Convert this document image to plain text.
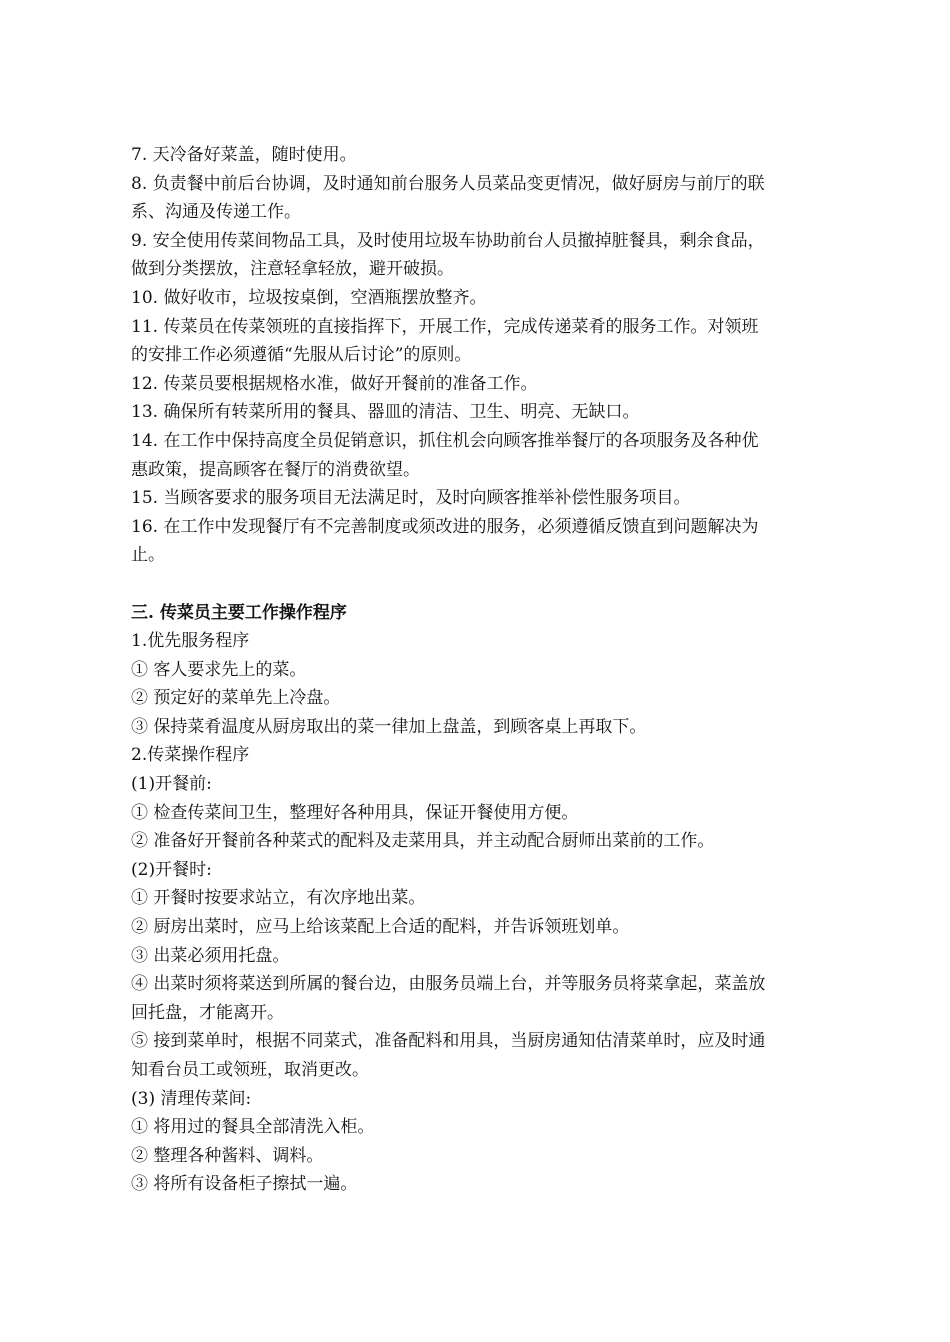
7. 天冷备好菜盖，随时使用。
8. 负责餐中前后台协调，及时通知前台服务人员菜品变更情况，做好厨房与前厅的联
系、沟通及传递工作。
9. 安全使用传菜间物品工具，及时使用垃圾车协助前台人员撤掉脏餐具，剩余食品，
做到分类摆放，注意轻拿轻放，避开破损。
10. 做好收市，垃圾按桌倒，空酒瓶摆放整齐。
11. 传菜员在传菜领班的直接指挥下，开展工作，完成传递菜肴的服务工作。对领班
的安排工作必须遵循“先服从后讨论”的原则。
12. 传菜员要根据规格水准，做好开餐前的准备工作。
13. 确保所有转菜所用的餐具、器皿的清洁、卫生、明亮、无缺口。
14. 在工作中保持高度全员促销意识，抓住机会向顾客推举餐厅的各项服务及各种优
惠政策，提高顾客在餐厅的消费欲望。
15. 当顾客要求的服务项目无法满足时，及时向顾客推举补偿性服务项目。
16. 在工作中发现餐厅有不完善制度或须改进的服务，必须遵循反馈直到问题解决为
止。
三. 传菜员主要工作操作程序
1.优先服务程序
① 客人要求先上的菜。
② 预定好的菜单先上冷盘。
③ 保持菜肴温度从厨房取出的菜一律加上盘盖，到顾客桌上再取下。
2.传菜操作程序
(1)开餐前:
① 检查传菜间卫生，整理好各种用具，保证开餐使用方便。
② 准备好开餐前各种菜式的配料及走菜用具，并主动配合厨师出菜前的工作。
(2)开餐时:
① 开餐时按要求站立，有次序地出菜。
② 厨房出菜时，应马上给该菜配上合适的配料，并告诉领班划单。
③ 出菜必须用托盘。
④ 出菜时须将菜送到所属的餐台边，由服务员端上台，并等服务员将菜拿起，菜盖放
回托盘，才能离开。
⑤ 接到菜单时，根据不同菜式，准备配料和用具，当厨房通知估清菜单时，应及时通
知看台员工或领班，取消更改。
(3) 清理传菜间:
① 将用过的餐具全部清洗入柜。
② 整理各种酱料、调料。
③ 将所有设备柜子擦拭一遍。
